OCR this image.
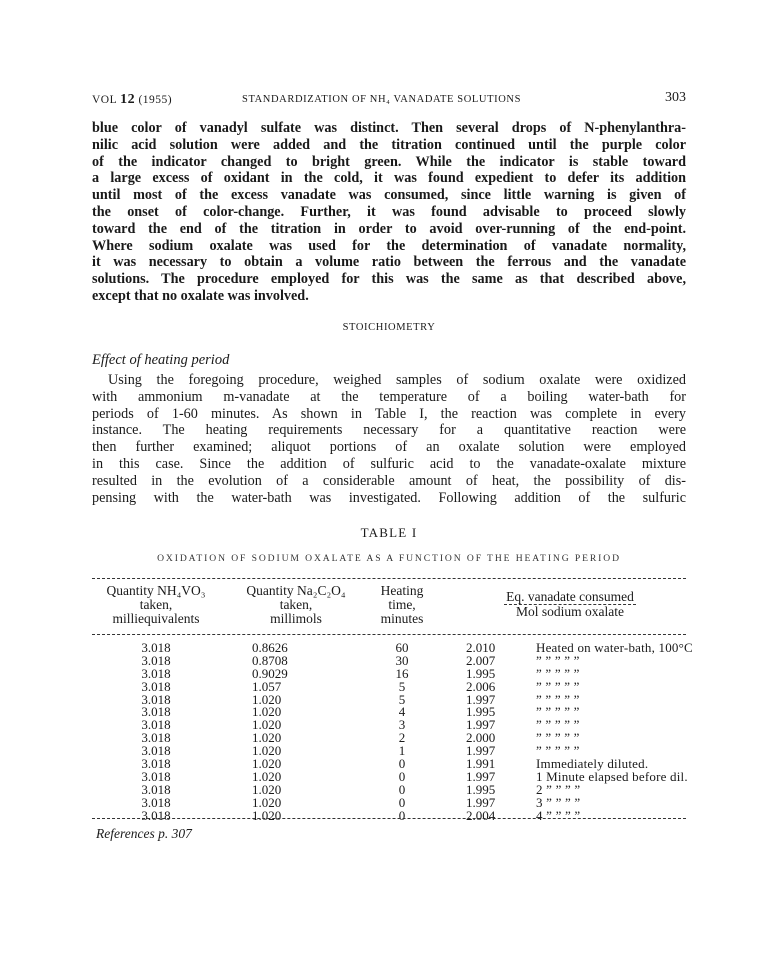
VOL 12 (1955)	STANDARDIZATION OF NH₄ VANADATE SOLUTIONS	303
blue color of vanadyl sulfate was distinct. Then several drops of N-phenylanthra-
nilic acid solution were added and the titration continued until the purple color
of the indicator changed to bright green. While the indicator is stable toward
a large excess of oxidant in the cold, it was found expedient to defer its addition
until most of the excess vanadate was consumed, since little warning is given of
the onset of color-change. Further, it was found advisable to proceed slowly
toward the end of the titration in order to avoid over-running of the end-point.
Where sodium oxalate was used for the determination of vanadate normality,
it was necessary to obtain a volume ratio between the ferrous and the vanadate
solutions. The procedure employed for this was the same as that described above,
except that no oxalate was involved.
STOICHIOMETRY
Effect of heating period
Using the foregoing procedure, weighed samples of sodium oxalate were oxidized
with ammonium m-vanadate at the temperature of a boiling water-bath for
periods of 1-60 minutes. As shown in Table I, the reaction was complete in every
instance. The heating requirements necessary for a quantitative reaction were
then further examined; aliquot portions of an oxalate solution were employed
in this case. Since the addition of sulfuric acid to the vanadate-oxalate mixture
resulted in the evolution of a considerable amount of heat, the possibility of dis-
pensing with the water-bath was investigated. Following addition of the sulfuric
TABLE I
OXIDATION OF SODIUM OXALATE AS A FUNCTION OF THE HEATING PERIOD
Quantity NH₄VO₃
taken,
milliequivalents
Quantity Na₂C₂O₄
taken,
millimols
Heating
time,
minutes
Eq. vanadate consumed
Mol sodium oxalate
3.018	0.8626	60	2.010	Heated on water-bath, 100°C
3.018	0.8708	30	2.007	” ” ” ” ”
3.018	0.9029	16	1.995	” ” ” ” ”
3.018	1.057	5	2.006	” ” ” ” ”
3.018	1.020	5	1.997	” ” ” ” ”
3.018	1.020	4	1.995	” ” ” ” ”
3.018	1.020	3	1.997	” ” ” ” ”
3.018	1.020	2	2.000	” ” ” ” ”
3.018	1.020	1	1.997	” ” ” ” ”
3.018	1.020	0	1.991	Immediately diluted.
3.018	1.020	0	1.997	1 Minute elapsed before dil.
3.018	1.020	0	1.995	2 ” ” ” ”
3.018	1.020	0	1.997	3 ” ” ” ”
3.018	1.020	0	2.004	4 ” ” ” ”
References p. 307
